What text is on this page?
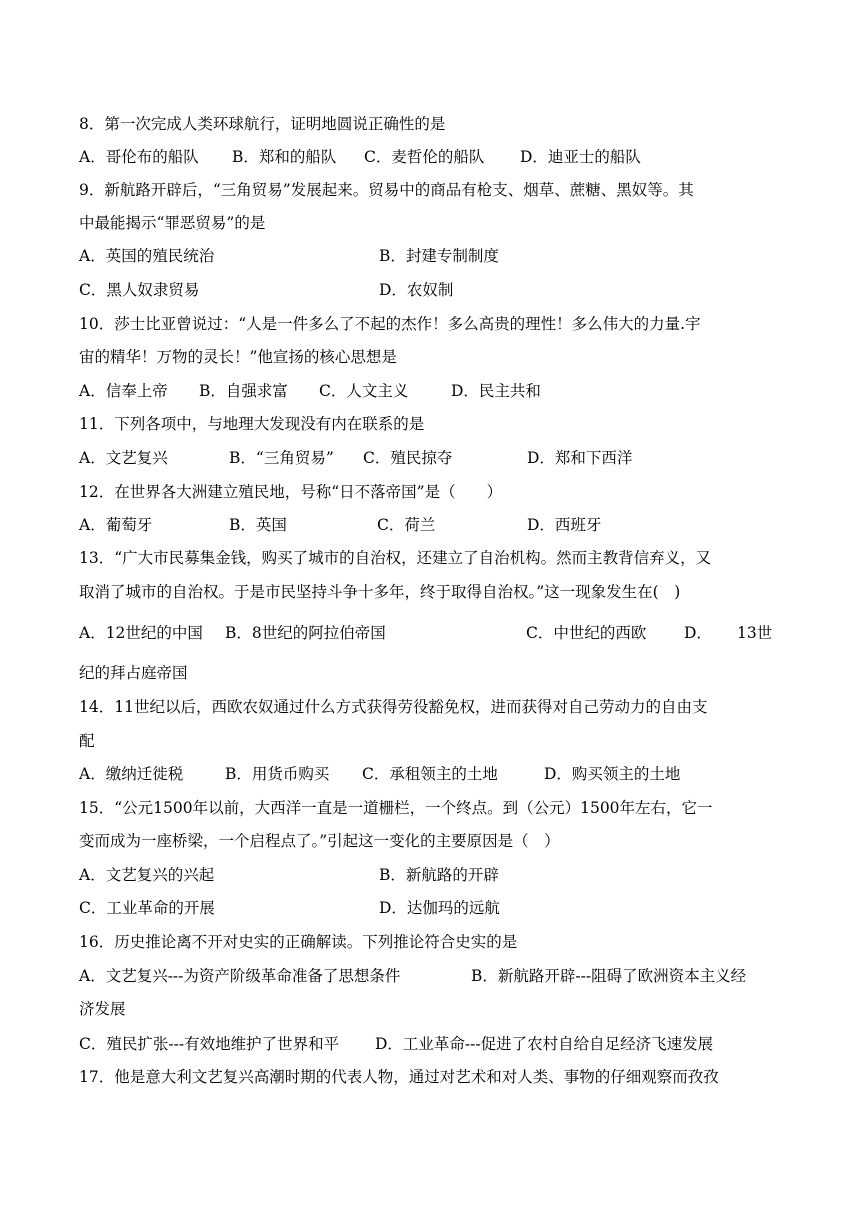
8．第一次完成人类环球航行，证明地圆说正确性的是
A．哥伦布的船队 B．郑和的船队 C．麦哲伦的船队 D．迪亚士的船队
9．新航路开辟后，“三角贸易”发展起来。贸易中的商品有枪支、烟草、蔗糖、黑奴等。其
中最能揭示“罪恶贸易”的是
A．英国的殖民统治	B．封建专制制度
C．黑人奴隶贸易	D．农奴制
10．莎士比亚曾说过：“人是一件多么了不起的杰作！多么高贵的理性！多么伟大的力量.宇
宙的精华！万物的灵长！”他宣扬的核心思想是
A．信奉上帝 B．自强求富 C．人文主义	D．民主共和
11．下列各项中，与地理大发现没有内在联系的是
A．文艺复兴	B．“三角贸易” C．殖民掠夺	D．郑和下西洋
12．在世界各大洲建立殖民地，号称“日不落帝国”是（　　）
A．葡萄牙	B．英国	C．荷兰	D．西班牙
13．“广大市民募集金钱，购买了城市的自治权，还建立了自治机构。然而主教背信弃义，又
取消了城市的自治权。于是市民坚持斗争十多年，终于取得自治权。”这一现象发生在(　)
A．12世纪的中国 B．8世纪的阿拉伯帝国	C．中世纪的西欧 D． 13世
纪的拜占庭帝国
14．11世纪以后，西欧农奴通过什么方式获得劳役豁免权，进而获得对自己劳动力的自由支
配
A．缴纳迁徙税	B．用货币购买 C．承租领主的土地	D．购买领主的土地
15．“公元1500年以前，大西洋一直是一道栅栏，一个终点。到（公元）1500年左右，它一
变而成为一座桥梁，一个启程点了。”引起这一变化的主要原因是（　）
A．文艺复兴的兴起	B．新航路的开辟
C．工业革命的开展	D．达伽玛的远航
16．历史推论离不开对史实的正确解读。下列推论符合史实的是
A．文艺复兴---为资产阶级革命准备了思想条件	B．新航路开辟---阻碍了欧洲资本主义经
济发展
C．殖民扩张---有效地维护了世界和平 D．工业革命---促进了农村自给自足经济飞速发展
17．他是意大利文艺复兴高潮时期的代表人物，通过对艺术和对人类、事物的仔细观察而孜孜
